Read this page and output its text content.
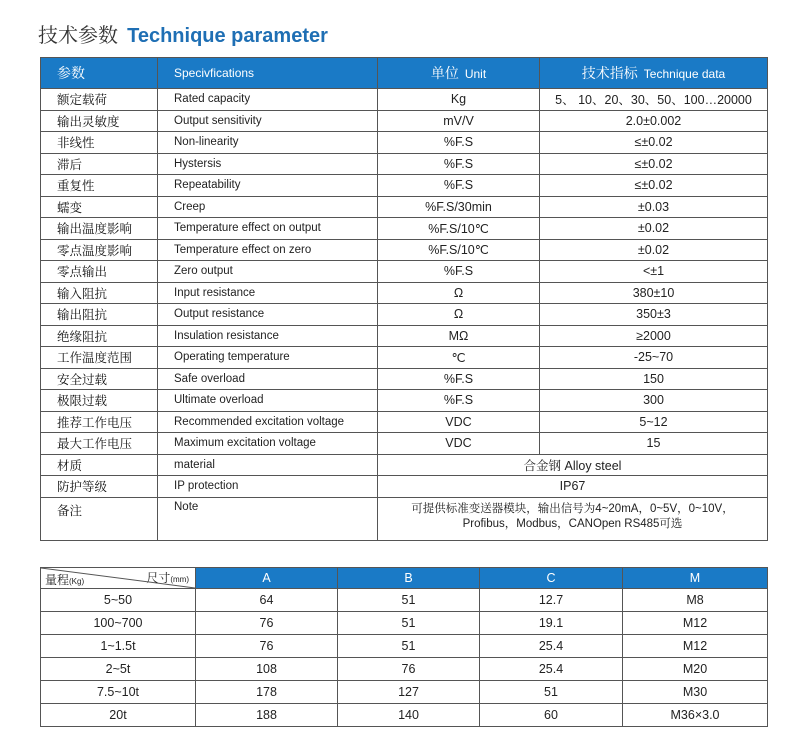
技术参数 Technique parameter
参数	Specivfications	单位 Unit	技术指标 Technique data
额定载荷	Rated capacity	Kg	5、 10、20、30、50、100…20000
输出灵敏度	Output sensitivity	mV/V	2.0±0.002
非线性	Non-linearity	%F.S	≤±0.02
滞后	Hystersis	%F.S	≤±0.02
重复性	Repeatability	%F.S	≤±0.02
蠕变	Creep	%F.S/30min	±0.03
输出温度影响	Temperature effect on output	%F.S/10℃	±0.02
零点温度影响	Temperature effect on zero	%F.S/10℃	±0.02
零点输出	Zero output	%F.S	<±1
输入阻抗	Input resistance	Ω	380±10
输出阻抗	Output resistance	Ω	350±3
绝缘阻抗	Insulation resistance	MΩ	≥2000
工作温度范围	Operating temperature	℃	-25~70
安全过载	Safe overload	%F.S	150
极限过载	Ultimate overload	%F.S	300
推荐工作电压	Recommended excitation voltage	VDC	5~12
最大工作电压	Maximum excitation voltage	VDC	15
材质	material	合金钢 Alloy steel	
防护等级	IP protection	IP67	
备注	Note	可提供标准变送器模块，输出信号为4~20mA，0~5V，0~10V，
Profibus，Modbus，CANOpen RS485可选	
尺寸(mm)
量程(Kg)	A	B	C	M
5~50	64	51	12.7	M8
100~700	76	51	19.1	M12
1~1.5t	76	51	25.4	M12
2~5t	108	76	25.4	M20
7.5~10t	178	127	51	M30
20t	188	140	60	M36×3.0
